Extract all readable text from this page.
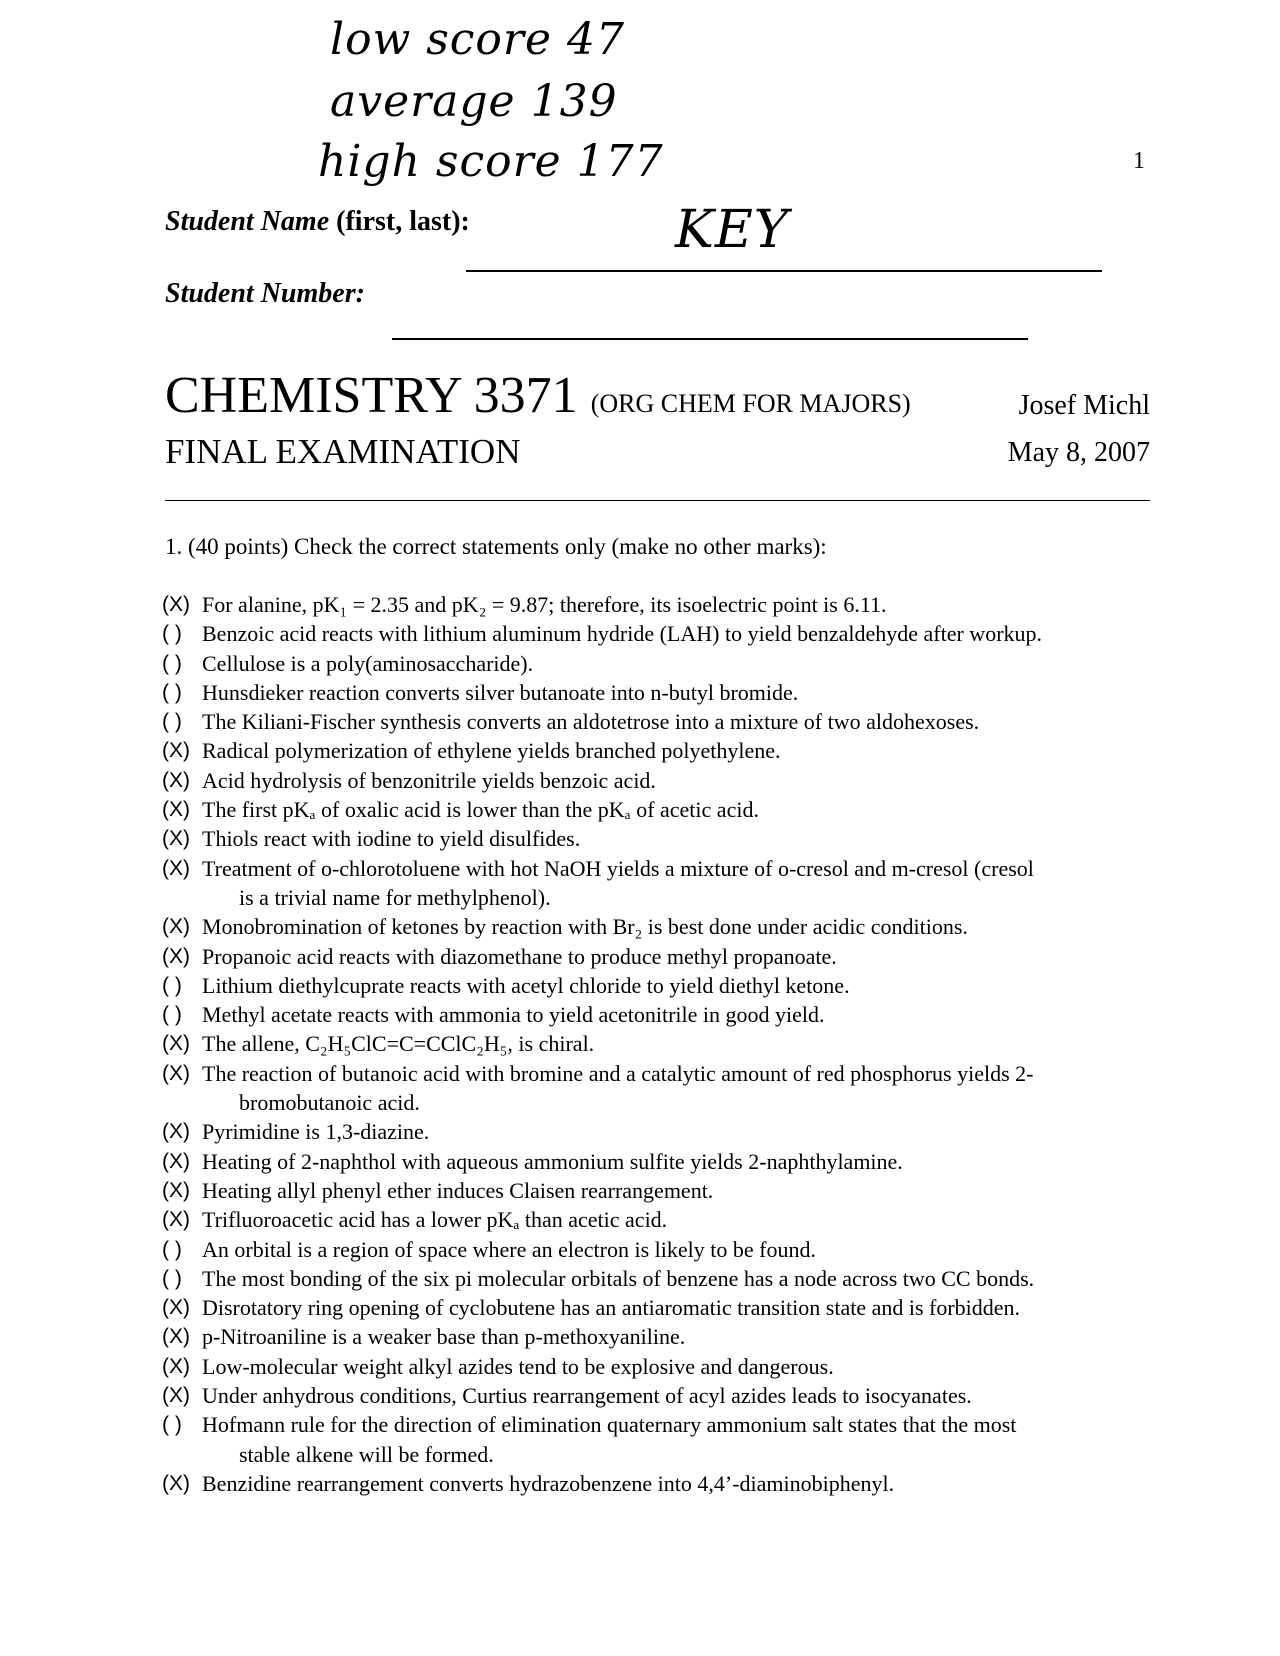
low score 47
average 139
high score 177
KEY
1
Student Name (first, last):
Student Number:
CHEMISTRY 3371 (ORG CHEM FOR MAJORS)
FINAL EXAMINATION
Josef Michl
May 8, 2007
1. (40 points) Check the correct statements only (make no other marks):
(X) For alanine, pK₁ = 2.35 and pK₂ = 9.87; therefore, its isoelectric point is 6.11.
( ) Benzoic acid reacts with lithium aluminum hydride (LAH) to yield benzaldehyde after workup.
( ) Cellulose is a poly(aminosaccharide).
( ) Hunsdieker reaction converts silver butanoate into n-butyl bromide.
( ) The Kiliani-Fischer synthesis converts an aldotetrose into a mixture of two aldohexoses.
(X) Radical polymerization of ethylene yields branched polyethylene.
(X) Acid hydrolysis of benzonitrile yields benzoic acid.
(X) The first pKₐ of oxalic acid is lower than the pKₐ of acetic acid.
(X) Thiols react with iodine to yield disulfides.
(X) Treatment of o-chlorotoluene with hot NaOH yields a mixture of o-cresol and m-cresol (cresol
is a trivial name for methylphenol).
(X) Monobromination of ketones by reaction with Br₂ is best done under acidic conditions.
(X) Propanoic acid reacts with diazomethane to produce methyl propanoate.
( ) Lithium diethylcuprate reacts with acetyl chloride to yield diethyl ketone.
( ) Methyl acetate reacts with ammonia to yield acetonitrile in good yield.
(X) The allene, C₂H₅ClC=C=CClC₂H₅, is chiral.
(X) The reaction of butanoic acid with bromine and a catalytic amount of red phosphorus yields 2-
bromobutanoic acid.
(X) Pyrimidine is 1,3-diazine.
(X) Heating of 2-naphthol with aqueous ammonium sulfite yields 2-naphthylamine.
(X) Heating allyl phenyl ether induces Claisen rearrangement.
(X) Trifluoroacetic acid has a lower pKₐ than acetic acid.
( ) An orbital is a region of space where an electron is likely to be found.
( ) The most bonding of the six pi molecular orbitals of benzene has a node across two CC bonds.
(X) Disrotatory ring opening of cyclobutene has an antiaromatic transition state and is forbidden.
(X) p-Nitroaniline is a weaker base than p-methoxyaniline.
(X) Low-molecular weight alkyl azides tend to be explosive and dangerous.
(X) Under anhydrous conditions, Curtius rearrangement of acyl azides leads to isocyanates.
( ) Hofmann rule for the direction of elimination quaternary ammonium salt states that the most
stable alkene will be formed.
(X) Benzidine rearrangement converts hydrazobenzene into 4,4’-diaminobiphenyl.
